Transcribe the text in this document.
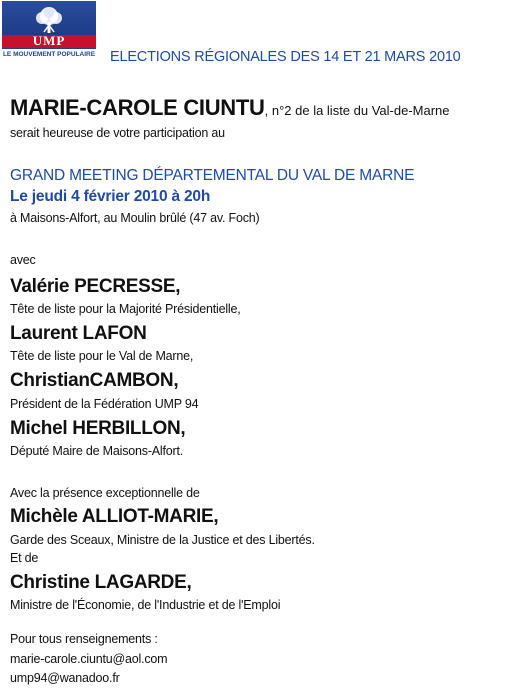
UMP
LE MOUVEMENT POPULAIRE ELECTIONS RÉGIONALES DES 14 ET 21 MARS 2010
MARIE-CAROLE CIUNTU, n°2 de la liste du Val-de-Marne
serait heureuse de votre participation au
GRAND MEETING DÉPARTEMENTAL DU VAL DE MARNE
Le jeudi 4 février 2010 à 20h
à Maisons-Alfort, au Moulin brûlé (47 av. Foch)
avec
Valérie PECRESSE,
Tête de liste pour la Majorité Présidentielle,
Laurent LAFON
Tête de liste pour le Val de Marne,
ChristianCAMBON,
Président de la Fédération UMP 94
Michel HERBILLON,
Député Maire de Maisons-Alfort.
Avec la présence exceptionnelle de
Michèle ALLIOT-MARIE,
Garde des Sceaux, Ministre de la Justice et des Libertés.
Et de
Christine LAGARDE,
Ministre de l'Économie, de l'Industrie et de l'Emploi
Pour tous renseignements :
marie-carole.ciuntu@aol.com
ump94@wanadoo.fr
